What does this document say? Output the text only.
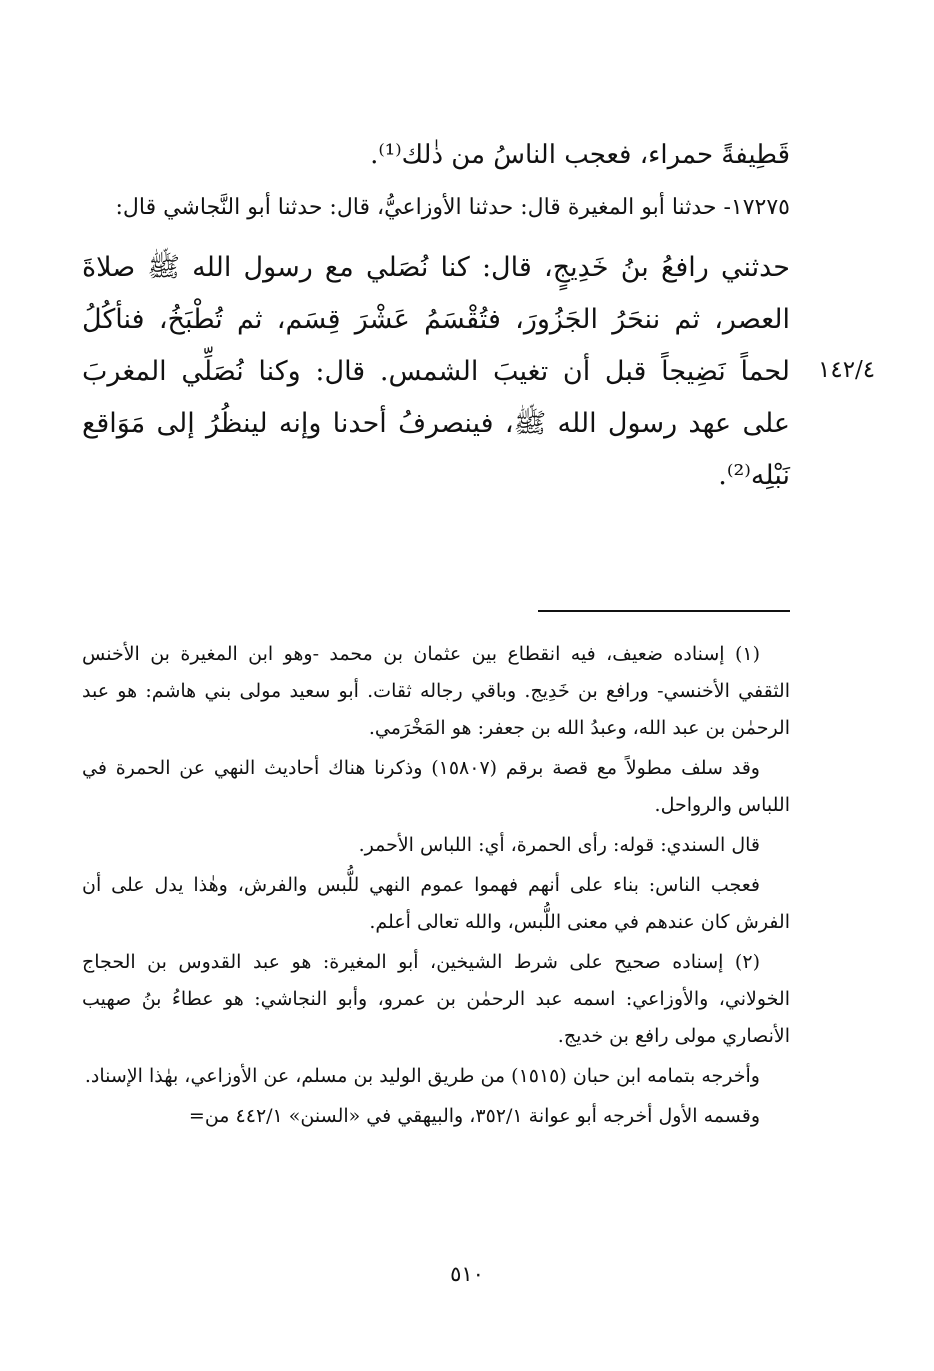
قَطِيفةً حمراء، فعجب الناسُ من ذٰلك⁽¹⁾.

١٧٢٧٥- حدثنا أبو المغيرة قال: حدثنا الأوزاعيُّ، قال: حدثنا أبو النَّجاشي قال:

حدثني رافعُ بنُ خَدِيجٍ، قال: كنا نُصَلي مع رسول الله ﷺ صلاةَ العصر، ثم ننحَرُ الجَزُورَ، فتُقْسَمُ عَشْرَ قِسَم، ثم تُطْبَخُ، فنأكُلُ لحماً نَضِيجاً قبل أن تغيبَ الشمس. قال: وكنا نُصَلِّي المغربَ على عهد رسول الله ﷺ، فينصرفُ أحدنا وإنه لينظُرُ إلى مَوَاقع نَبْلِه⁽²⁾.

١٤٢/٤

(١) إسناده ضعيف، فيه انقطاع بين عثمان بن محمد -وهو ابن المغيرة بن الأخنس الثقفي الأخنسي- ورافع بن خَدِيج. وباقي رجاله ثقات. أبو سعيد مولى بني هاشم: هو عبد الرحمٰن بن عبد الله، وعبدُ الله بن جعفر: هو المَخْرَمي.

وقد سلف مطولاً مع قصة برقم (١٥٨٠٧) وذكرنا هناك أحاديث النهي عن الحمرة في اللباس والرواحل.

قال السندي: قوله: رأى الحمرة، أي: اللباس الأحمر.

فعجب الناس: بناء على أنهم فهموا عموم النهي للُّبس والفرش، وهٰذا يدل على أن الفرش كان عندهم في معنى اللُّبس، والله تعالى أعلم.

(٢) إسناده صحيح على شرط الشيخين، أبو المغيرة: هو عبد القدوس بن الحجاج الخولاني، والأوزاعي: اسمه عبد الرحمٰن بن عمرو، وأبو النجاشي: هو عطاءُ بنُ صهيب الأنصاري مولى رافع بن خديج.

وأخرجه بتمامه ابن حبان (١٥١٥) من طريق الوليد بن مسلم، عن الأوزاعي، بهٰذا الإسناد.

وقسمه الأول أخرجه أبو عوانة ٣٥٢/١، والبيهقي في «السنن» ٤٤٢/١ من=

٥١٠
